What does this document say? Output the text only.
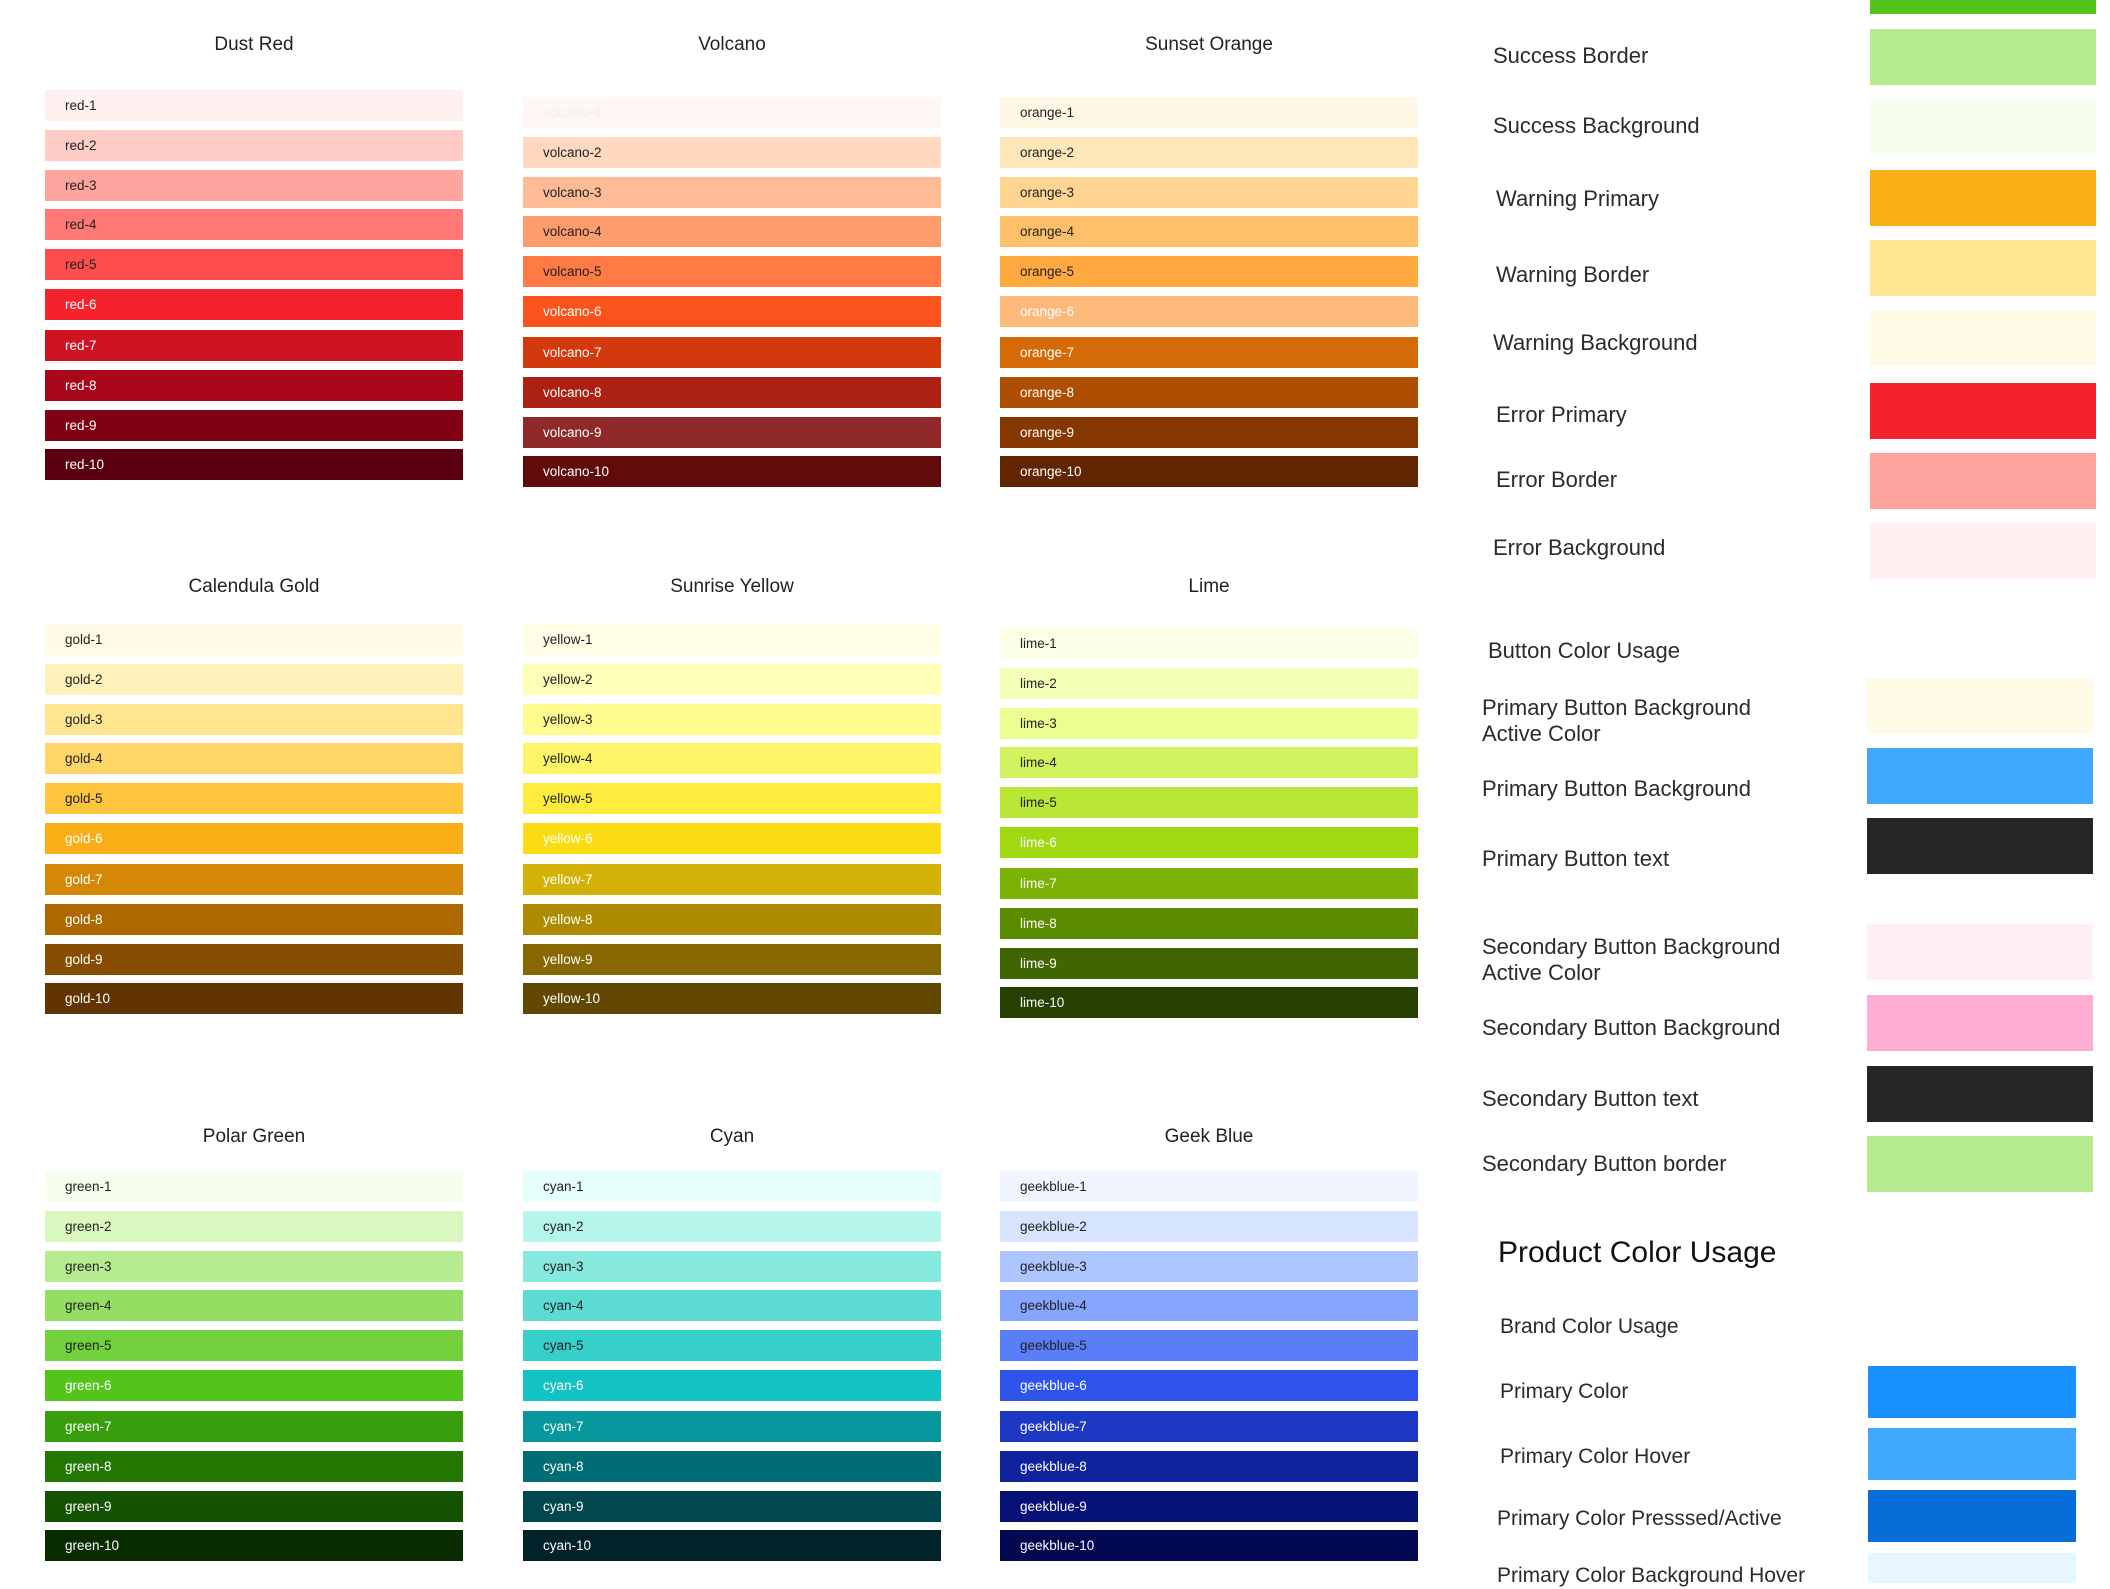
Dust Red
red-1
red-2
red-3
red-4
red-5
red-6
red-7
red-8
red-9
red-10
Volcano
volcano-1
volcano-2
volcano-3
volcano-4
volcano-5
volcano-6
volcano-7
volcano-8
volcano-9
volcano-10
Sunset Orange
orange-1
orange-2
orange-3
orange-4
orange-5
orange-6
orange-7
orange-8
orange-9
orange-10
Calendula Gold
gold-1
gold-2
gold-3
gold-4
gold-5
gold-6
gold-7
gold-8
gold-9
gold-10
Sunrise Yellow
yellow-1
yellow-2
yellow-3
yellow-4
yellow-5
yellow-6
yellow-7
yellow-8
yellow-9
yellow-10
Lime
lime-1
lime-2
lime-3
lime-4
lime-5
lime-6
lime-7
lime-8
lime-9
lime-10
Polar Green
green-1
green-2
green-3
green-4
green-5
green-6
green-7
green-8
green-9
green-10
Cyan
cyan-1
cyan-2
cyan-3
cyan-4
cyan-5
cyan-6
cyan-7
cyan-8
cyan-9
cyan-10
Geek Blue
geekblue-1
geekblue-2
geekblue-3
geekblue-4
geekblue-5
geekblue-6
geekblue-7
geekblue-8
geekblue-9
geekblue-10
Success Border
Success Background
Warning Primary
Warning Border
Warning Background
Error Primary
Error Border
Error Background
Button Color Usage
Primary Button Background
Active Color
Primary Button Background
Primary Button text
Secondary Button Background
Active Color
Secondary Button Background
Secondary Button text
Secondary Button border
Product Color Usage
Brand Color Usage
Primary Color
Primary Color Hover
Primary Color Presssed/Active
Primary Color Background Hover
